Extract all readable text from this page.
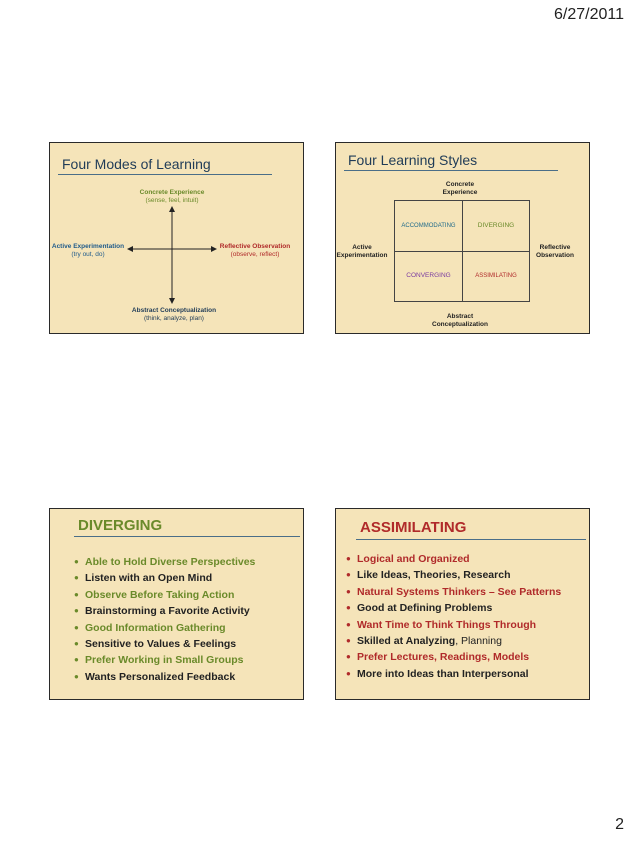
6/27/2011
Four Modes of Learning
Concrete Experience
(sense, feel, intuit)
Active Experimentation
(try out, do)
Reflective Observation
(observe, reflect)
Abstract Conceptualization
(think, analyze, plan)
Four Learning Styles
Concrete
Experience
Active
Experimentation
Reflective
Observation
Abstract
Conceptualization
ACCOMMODATING	DIVERGING
CONVERGING	ASSIMILATING
DIVERGING
● Able to Hold Diverse Perspectives
● Listen with an Open Mind
● Observe Before Taking Action
● Brainstorming a Favorite Activity
● Good Information Gathering
● Sensitive to Values & Feelings
● Prefer Working in Small Groups
● Wants Personalized Feedback
ASSIMILATING
● Logical and Organized
● Like Ideas, Theories, Research
● Natural Systems Thinkers – See Patterns
● Good at Defining Problems
● Want Time to Think Things Through
● Skilled at Analyzing, Planning
● Prefer Lectures, Readings, Models
● More into Ideas than Interpersonal
2
